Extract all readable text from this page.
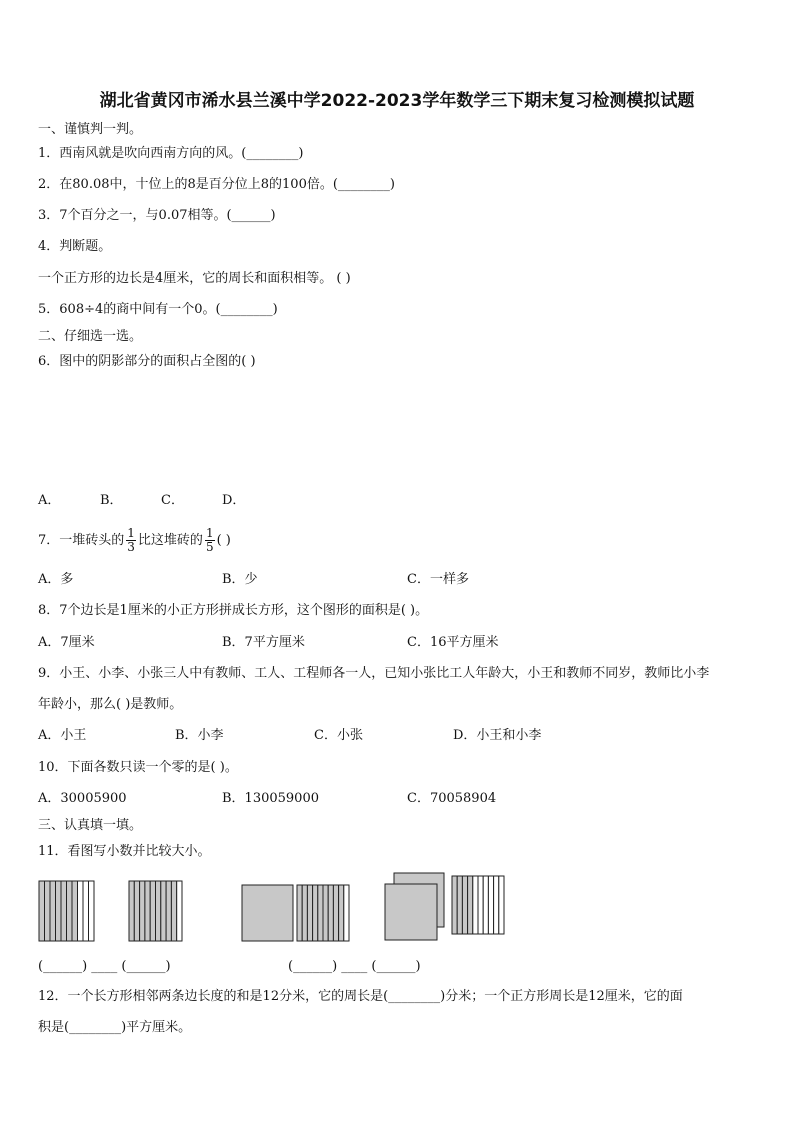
湖北省黄冈市浠水县兰溪中学2022-2023学年数学三下期末复习检测模拟试题
一、谨慎判一判。
1．西南风就是吹向西南方向的风。(________)
2．在80.08中，十位上的8是百分位上8的100倍。(________)
3．7个百分之一，与0.07相等。(______)
4．判断题。
一个正方形的边长是4厘米，它的周长和面积相等。 ( )
5．608÷4的商中间有一个0。(________)
二、仔细选一选。
6．图中的阴影部分的面积占全图的( )
A．	B．	C．	D．
7．一堆砖头的 $\frac{1}{3}$ 比这堆砖的 $\frac{1}{5}$ ( )
A．多	B．少	C．一样多
8．7个边长是1厘米的小正方形拼成长方形，这个图形的面积是( )。
A．7厘米	B．7平方厘米	C．16平方厘米
9．小王、小李、小张三人中有教师、工人、工程师各一人，已知小张比工人年龄大，小王和教师不同岁，教师比小李
年龄小，那么( )是教师。
A．小王	B．小李	C．小张	D．小王和小李
10．下面各数只读一个零的是( )。
A．30005900	B．130059000	C．70058904
三、认真填一填。
11．看图写小数并比较大小。
(______) ____ (______)	(______) ____ (______)
12．一个长方形相邻两条边长度的和是12分米，它的周长是(________)分米；一个正方形周长是12厘米，它的面
积是(________)平方厘米。
